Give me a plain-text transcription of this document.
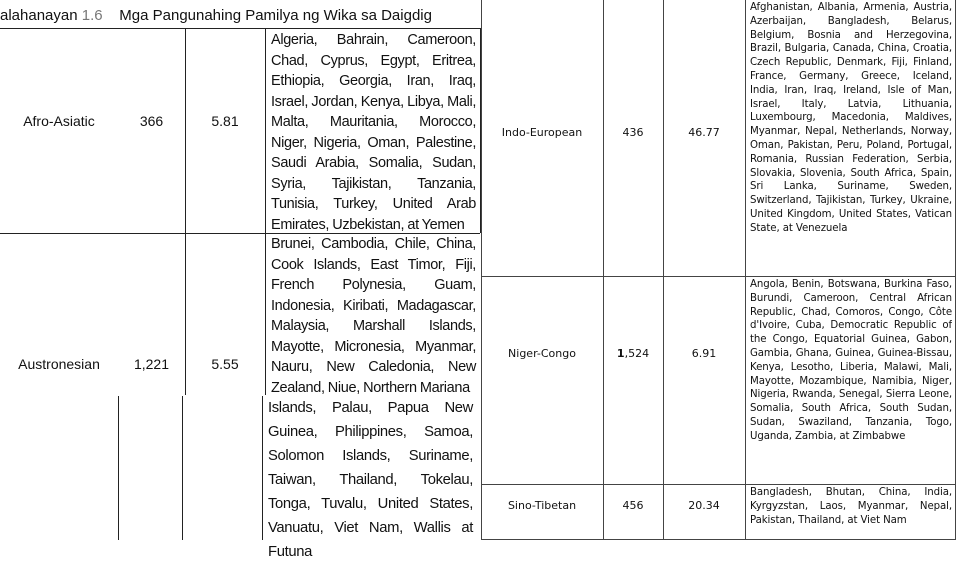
alahanayan 1.6 Mga Pangunahing Pamilya ng Wika sa Daigdig
Afro-Asiatic	366	5.81
Algeria, Bahrain, Cameroon, Chad, Cyprus, Egypt, Eritrea, Ethiopia, Georgia, Iran, Iraq, Israel, Jordan, Kenya, Libya, Mali, Malta, Mauritania, Morocco, Niger, Nigeria, Oman, Palestine, Saudi Arabia, Somalia, Sudan, Syria, Tajikistan, Tanzania, Tunisia, Turkey, United Arab Emirates, Uzbekistan, at Yemen
Austronesian	1,221	5.55
Brunei, Cambodia, Chile, China, Cook Islands, East Timor, Fiji, French Polynesia, Guam, Indonesia, Kiribati, Madagascar, Malaysia, Marshall Islands, Mayotte, Micronesia, Myanmar, Nauru, New Caledonia, New Zealand, Niue, Northern Mariana
Islands, Palau, Papua New Guinea, Philippines, Samoa, Solomon Islands, Suriname, Taiwan, Thailand, Tokelau, Tonga, Tuvalu, United States, Vanuatu, Viet Nam, Wallis at Futuna
Indo-European	436	46.77
Afghanistan, Albania, Armenia, Austria, Azerbaijan, Bangladesh, Belarus, Belgium, Bosnia and Herzegovina, Brazil, Bulgaria, Canada, China, Croatia, Czech Republic, Denmark, Fiji, Finland, France, Germany, Greece, Iceland, India, Iran, Iraq, Ireland, Isle of Man, Israel, Italy, Latvia, Lithuania, Luxembourg, Macedonia, Maldives, Myanmar, Nepal, Netherlands, Norway, Oman, Pakistan, Peru, Poland, Portugal, Romania, Russian Federation, Serbia, Slovakia, Slovenia, South Africa, Spain, Sri Lanka, Suriname, Sweden, Switzerland, Tajikistan, Turkey, Ukraine, United Kingdom, United States, Vatican State, at Venezuela
Niger-Congo	1 ,524	6.91
Angola, Benin, Botswana, Burkina Faso, Burundi, Cameroon, Central African Republic, Chad, Comoros, Congo, Côte d'Ivoire, Cuba, Democratic Republic of the Congo, Equatorial Guinea, Gabon, Gambia, Ghana, Guinea, Guinea-Bissau, Kenya, Lesotho, Liberia, Malawi, Mali, Mayotte, Mozambique, Namibia, Niger, Nigeria, Rwanda, Senegal, Sierra Leone, Somalia, South Africa, South Sudan, Sudan, Swaziland, Tanzania, Togo, Uganda, Zambia, at Zimbabwe
Sino-Tibetan	456	20.34
Bangladesh, Bhutan, China, India, Kyrgyzstan, Laos, Myanmar, Nepal, Pakistan, Thailand, at Viet Nam
